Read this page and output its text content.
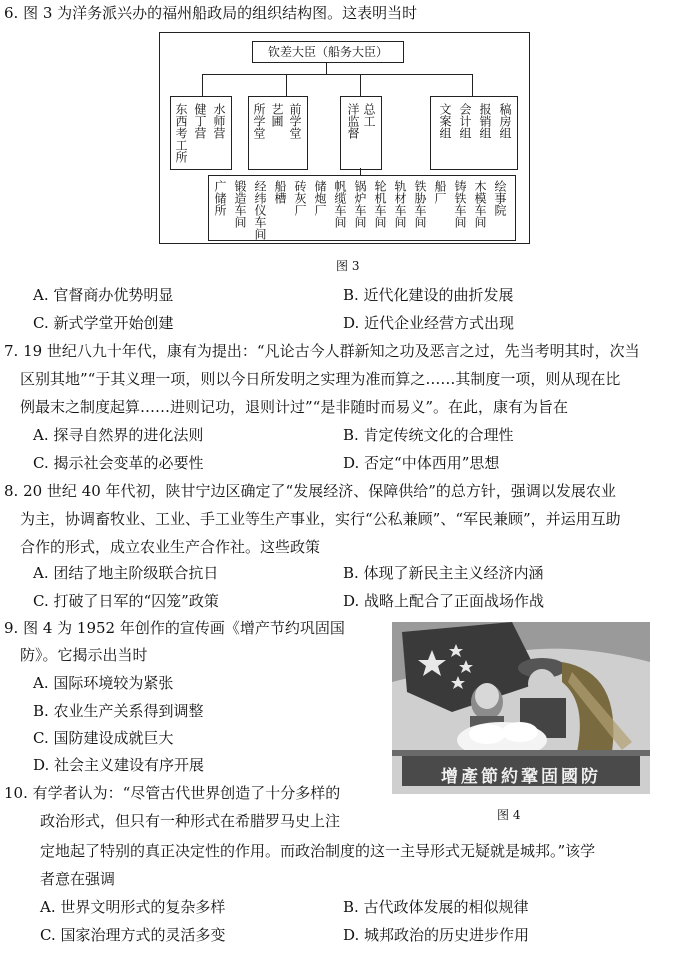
6. 图 3 为洋务派兴办的福州船政局的组织结构图。这表明当时
钦差大臣（船务大臣）
东西考工所 健丁营 水师营 所学堂 艺圃 前学堂	洋监督 总工	文案组 会计组 报销组 稿房组
广储所 锻造车间 经纬仪车间 船槽 砖灰厂 储炮厂 帆缆车间 锅炉车间 轮机车间 轨材车间 铁胁车间 船厂 铸铁车间 木模车间 绘事院
图 3
A. 官督商办优势明显	B. 近代化建设的曲折发展
C. 新式学堂开始创建	D. 近代企业经营方式出现
7. 19 世纪八九十年代，康有为提出：“凡论古今人群新知之功及恶言之过，先当考明其时，次当
区别其地”“于其义理一项，则以今日所发明之实理为准而算之……其制度一项，则从现在比
例最末之制度起算……进则记功，退则计过”“是非随时而易义”。在此，康有为旨在
A. 探寻自然界的进化法则	B. 肯定传统文化的合理性
C. 揭示社会变革的必要性	D. 否定“中体西用”思想
8. 20 世纪 40 年代初，陕甘宁边区确定了“发展经济、保障供给”的总方针，强调以发展农业
为主，协调畜牧业、工业、手工业等生产事业，实行“公私兼顾”、“军民兼顾”，并运用互助
合作的形式，成立农业生产合作社。这些政策
A. 团结了地主阶级联合抗日	B. 体现了新民主主义经济内涵
C. 打破了日军的“囚笼”政策	D. 战略上配合了正面战场作战
9. 图 4 为 1952 年创作的宣传画《增产节约巩固国
防》。它揭示出当时
A. 国际环境较为紧张
B. 农业生产关系得到调整
C. 国防建设成就巨大
D. 社会主义建设有序开展
增產節約鞏固國防
图 4
10. 有学者认为：“尽管古代世界创造了十分多样的
政治形式，但只有一种形式在希腊罗马史上注
定地起了特别的真正决定性的作用。而政治制度的这一主导形式无疑就是城邦。”该学
者意在强调
A. 世界文明形式的复杂多样	B. 古代政体发展的相似规律
C. 国家治理方式的灵活多变	D. 城邦政治的历史进步作用
